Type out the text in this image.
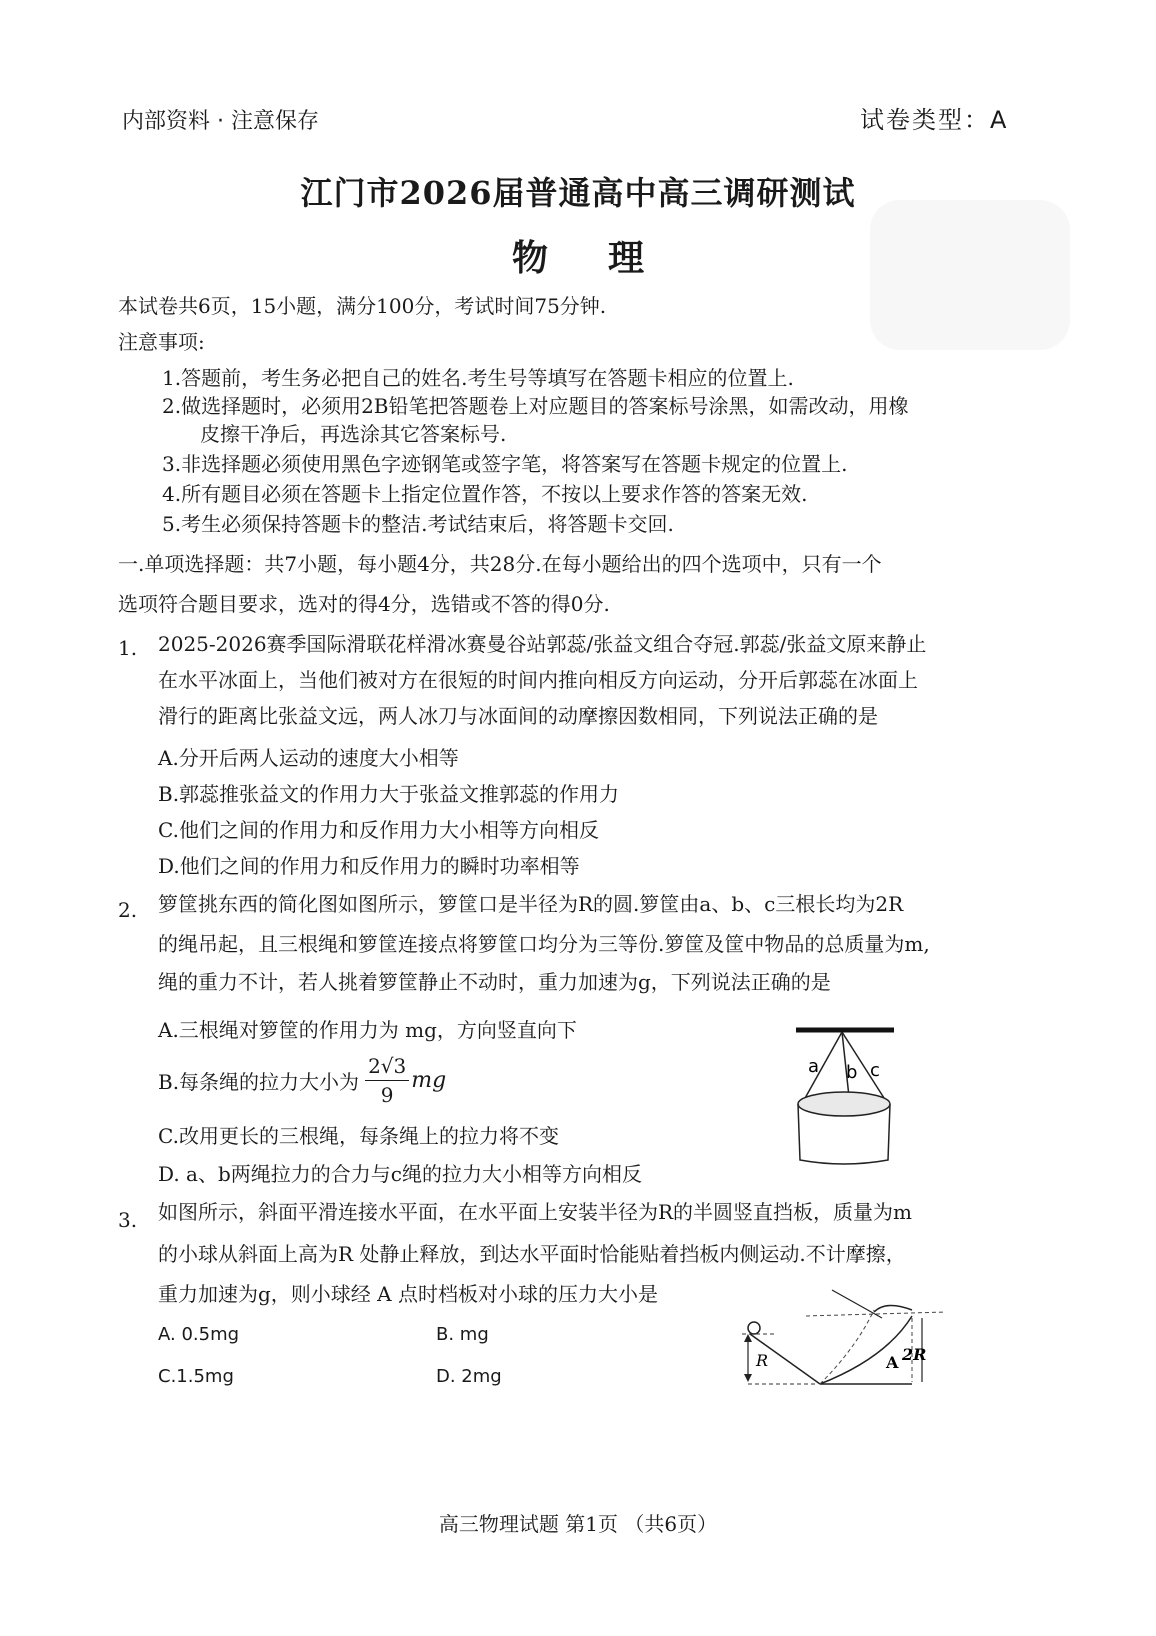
内部资料 · 注意保存	试卷类型：A
江门市2026届普通高中高三调研测试
物 理
本试卷共6页，15小题，满分100分，考试时间75分钟.
注意事项:
1.答题前，考生务必把自己的姓名.考生号等填写在答题卡相应的位置上.
2.做选择题时，必须用2B铅笔把答题卷上对应题目的答案标号涂黑，如需改动，用橡
皮擦干净后，再选涂其它答案标号.
3.非选择题必须使用黑色字迹钢笔或签字笔，将答案写在答题卡规定的位置上.
4.所有题目必须在答题卡上指定位置作答，不按以上要求作答的答案无效.
5.考生必须保持答题卡的整洁.考试结束后，将答题卡交回.
一.单项选择题：共7小题，每小题4分，共28分.在每小题给出的四个选项中，只有一个
选项符合题目要求，选对的得4分，选错或不答的得0分.
1. 2025-2026赛季国际滑联花样滑冰赛曼谷站郭蕊/张益文组合夺冠.郭蕊/张益文原来静止
在水平冰面上，当他们被对方在很短的时间内推向相反方向运动，分开后郭蕊在冰面上
滑行的距离比张益文远，两人冰刀与冰面间的动摩擦因数相同，下列说法正确的是
A.分开后两人运动的速度大小相等
B.郭蕊推张益文的作用力大于张益文推郭蕊的作用力
C.他们之间的作用力和反作用力大小相等方向相反
D.他们之间的作用力和反作用力的瞬时功率相等
2. 箩筐挑东西的简化图如图所示，箩筐口是半径为R的圆.箩筐由a、b、c三根长均为2R
的绳吊起，且三根绳和箩筐连接点将箩筐口均分为三等份.箩筐及筐中物品的总质量为m,
绳的重力不计，若人挑着箩筐静止不动时，重力加速为g，下列说法正确的是
A.三根绳对箩筐的作用力为 mg，方向竖直向下
B.每条绳的拉力大小为 $\frac{2√3}{9}$ mg
C.改用更长的三根绳，每条绳上的拉力将不变
D. a、b两绳拉力的合力与c绳的拉力大小相等方向相反
a b c
3. 如图所示，斜面平滑连接水平面，在水平面上安装半径为R的半圆竖直挡板，质量为m
的小球从斜面上高为R 处静止释放，到达水平面时恰能贴着挡板内侧运动.不计摩擦，
重力加速为g，则小球经 A 点时档板对小球的压力大小是
A. 0.5mg	B. mg
C.1.5mg	D. 2mg
R	A 2R
高三物理试题 第1页 （共6页）
